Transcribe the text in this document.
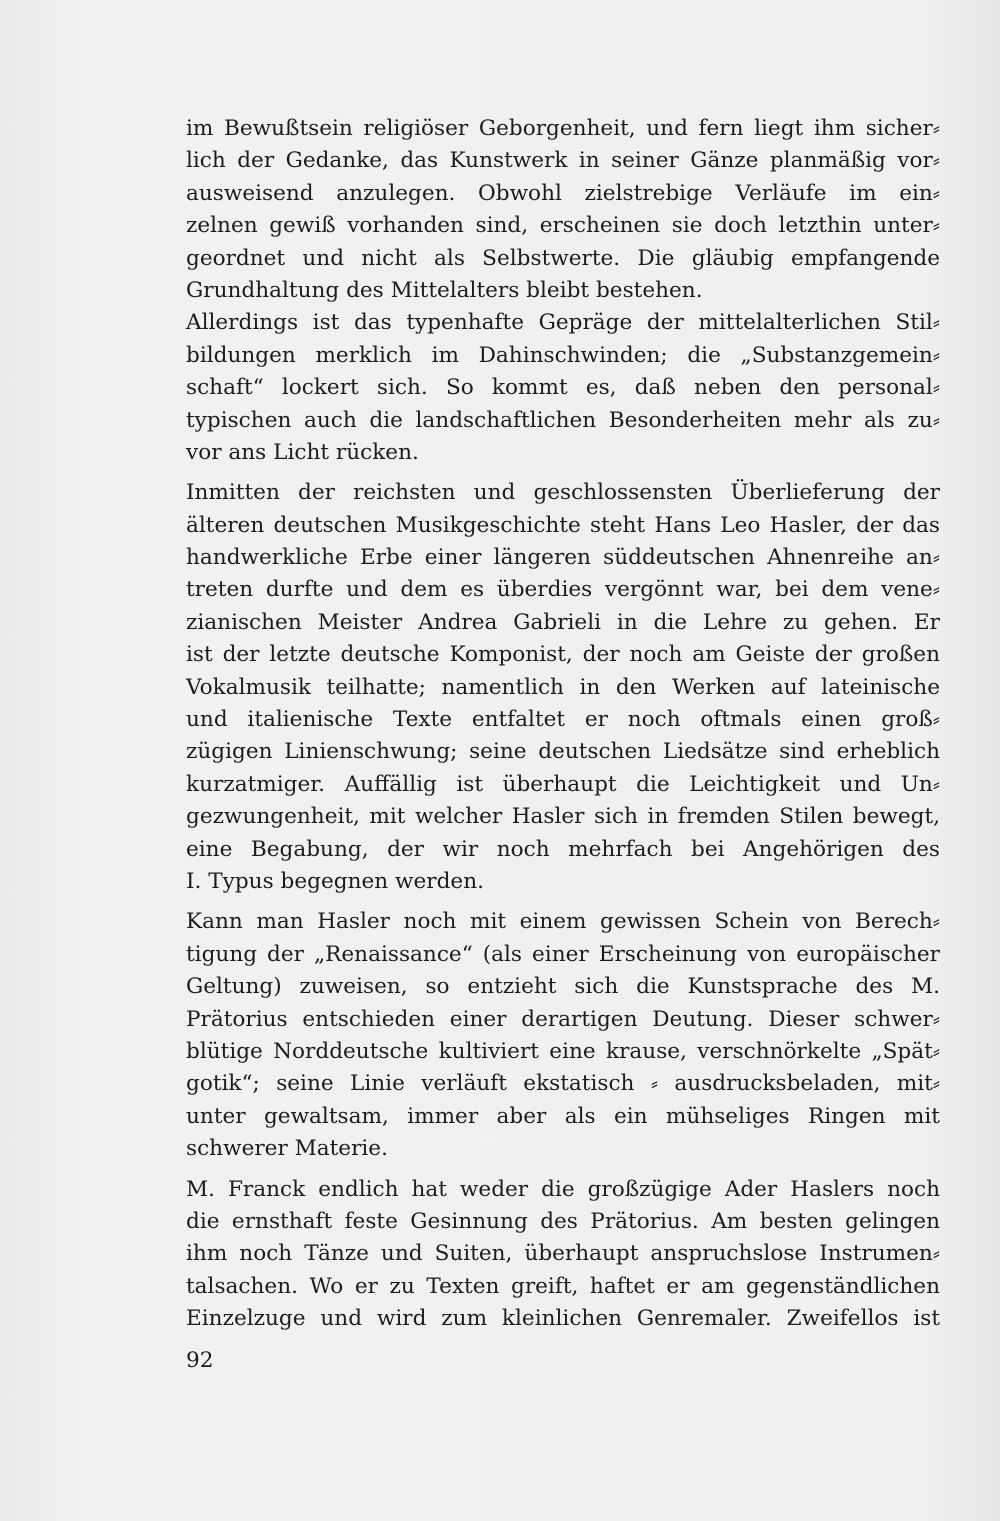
im Bewußtsein religiöser Geborgenheit, und fern liegt ihm sicher⸗
lich der Gedanke, das Kunstwerk in seiner Gänze planmäßig vor⸗
ausweisend anzulegen. Obwohl zielstrebige Verläufe im ein⸗
zelnen gewiß vorhanden sind, erscheinen sie doch letzthin unter⸗
geordnet und nicht als Selbstwerte. Die gläubig empfangende
Grundhaltung des Mittelalters bleibt bestehen.
Allerdings ist das typenhafte Gepräge der mittelalterlichen Stil⸗
bildungen merklich im Dahinschwinden; die „Substanzgemein⸗
schaft“ lockert sich. So kommt es, daß neben den personal⸗
typischen auch die landschaftlichen Besonderheiten mehr als zu⸗
vor ans Licht rücken.
Inmitten der reichsten und geschlossensten Überlieferung der
älteren deutschen Musikgeschichte steht Hans Leo Hasler, der das
handwerkliche Erbe einer längeren süddeutschen Ahnenreihe an⸗
treten durfte und dem es überdies vergönnt war, bei dem vene⸗
zianischen Meister Andrea Gabrieli in die Lehre zu gehen. Er
ist der letzte deutsche Komponist, der noch am Geiste der großen
Vokalmusik teilhatte; namentlich in den Werken auf lateinische
und italienische Texte entfaltet er noch oftmals einen groß⸗
zügigen Linienschwung; seine deutschen Liedsätze sind erheblich
kurzatmiger. Auffällig ist überhaupt die Leichtigkeit und Un⸗
gezwungenheit, mit welcher Hasler sich in fremden Stilen bewegt,
eine Begabung, der wir noch mehrfach bei Angehörigen des
I. Typus begegnen werden.
Kann man Hasler noch mit einem gewissen Schein von Berech⸗
tigung der „Renaissance“ (als einer Erscheinung von europäischer
Geltung) zuweisen, so entzieht sich die Kunstsprache des M.
Prätorius entschieden einer derartigen Deutung. Dieser schwer⸗
blütige Norddeutsche kultiviert eine krause, verschnörkelte „Spät⸗
gotik“; seine Linie verläuft ekstatisch ⸗ ausdrucksbeladen, mit⸗
unter gewaltsam, immer aber als ein mühseliges Ringen mit
schwerer Materie.
M. Franck endlich hat weder die großzügige Ader Haslers noch
die ernsthaft feste Gesinnung des Prätorius. Am besten gelingen
ihm noch Tänze und Suiten, überhaupt anspruchslose Instrumen⸗
talsachen. Wo er zu Texten greift, haftet er am gegenständlichen
Einzelzuge und wird zum kleinlichen Genremaler. Zweifellos ist
92
